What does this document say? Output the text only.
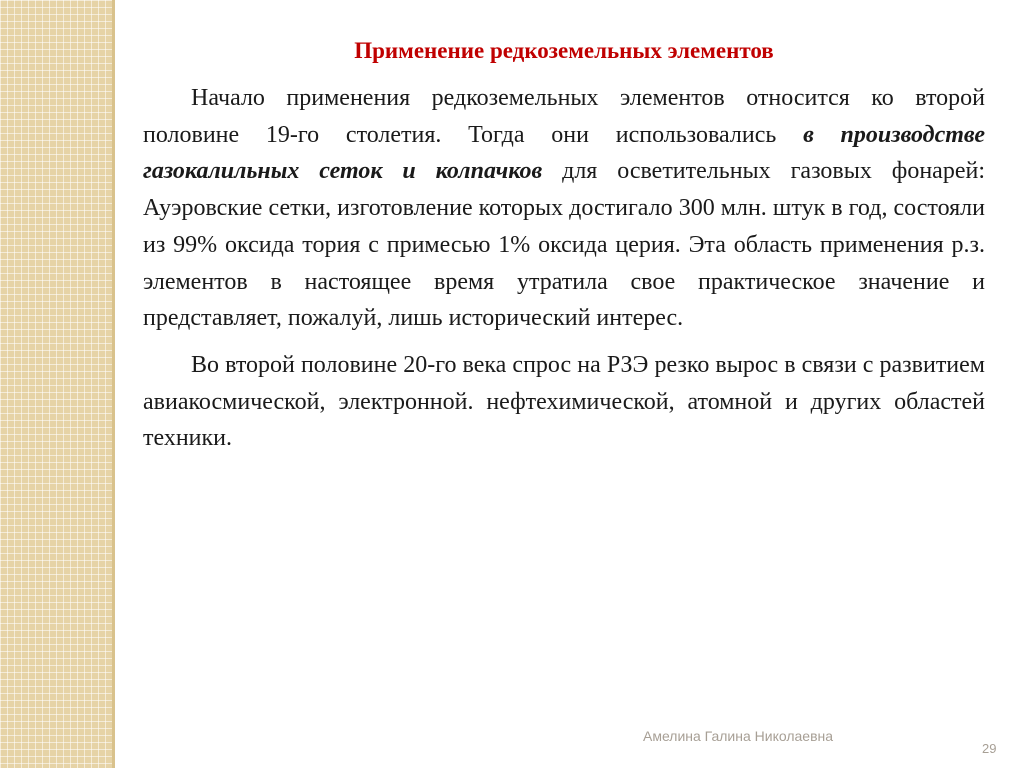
Применение редкоземельных элементов

Начало применения редкоземельных элементов относится ко второй половине 19-го столетия. Тогда они использовались в производстве газокалильных сеток и колпачков для осветительных газовых фонарей: Ауэровские сетки, изготовление которых достигало 300 млн. штук в год, состояли из 99% оксида тория с примесью 1% оксида церия. Эта область применения р.з. элементов в настоящее время утратила свое практическое значение и представляет, пожалуй, лишь исторический интерес.

Во второй половине 20-го века спрос на РЗЭ резко вырос в связи с развитием авиакосмической, электронной. нефтехимической, атомной и других областей техники.

Амелина Галина Николаевна
29
